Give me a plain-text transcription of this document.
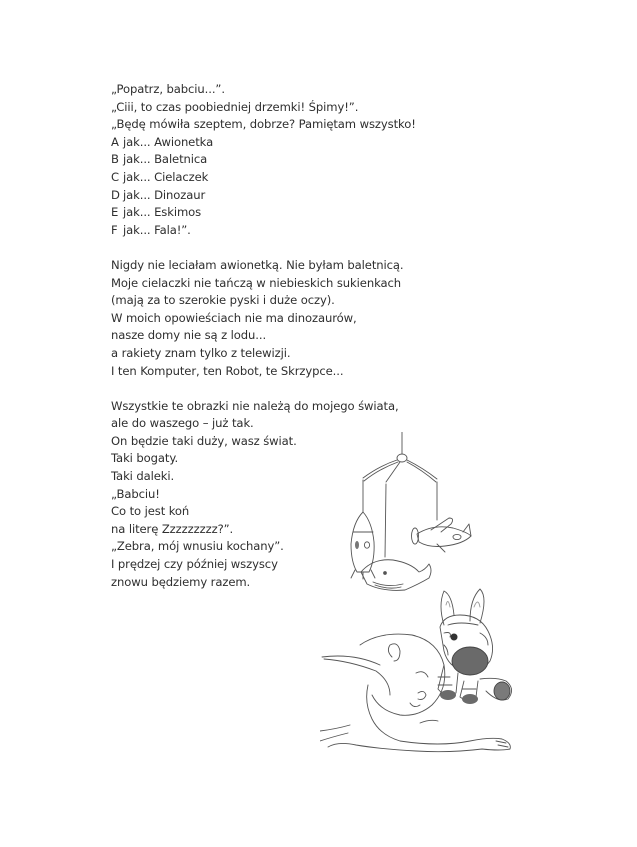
„Popatrz, babciu...”.
„Ciii, to czas poobiedniej drzemki! Śpimy!”.
„Będę mówiła szeptem, dobrze? Pamiętam wszystko!
A jak... Awionetka
B jak... Baletnica
C jak... Cielaczek
D jak... Dinozaur
E jak... Eskimos
F jak... Fala!”.
Nigdy nie leciałam awionetką. Nie byłam baletnicą.
Moje cielaczki nie tańczą w niebieskich sukienkach
(mają za to szerokie pyski i duże oczy).
W moich opowieściach nie ma dinozaurów,
nasze domy nie są z lodu...
a rakiety znam tylko z telewizji.
I ten Komputer, ten Robot, te Skrzypce...
Wszystkie te obrazki nie należą do mojego świata,
ale do waszego – już tak.
On będzie taki duży, wasz świat.
Taki bogaty.
Taki daleki.
„Babciu!
Co to jest koń
na literę Zzzzzzzzz?”.
„Zebra, mój wnusiu kochany”.
I prędzej czy później wszyscy
znowu będziemy razem.
